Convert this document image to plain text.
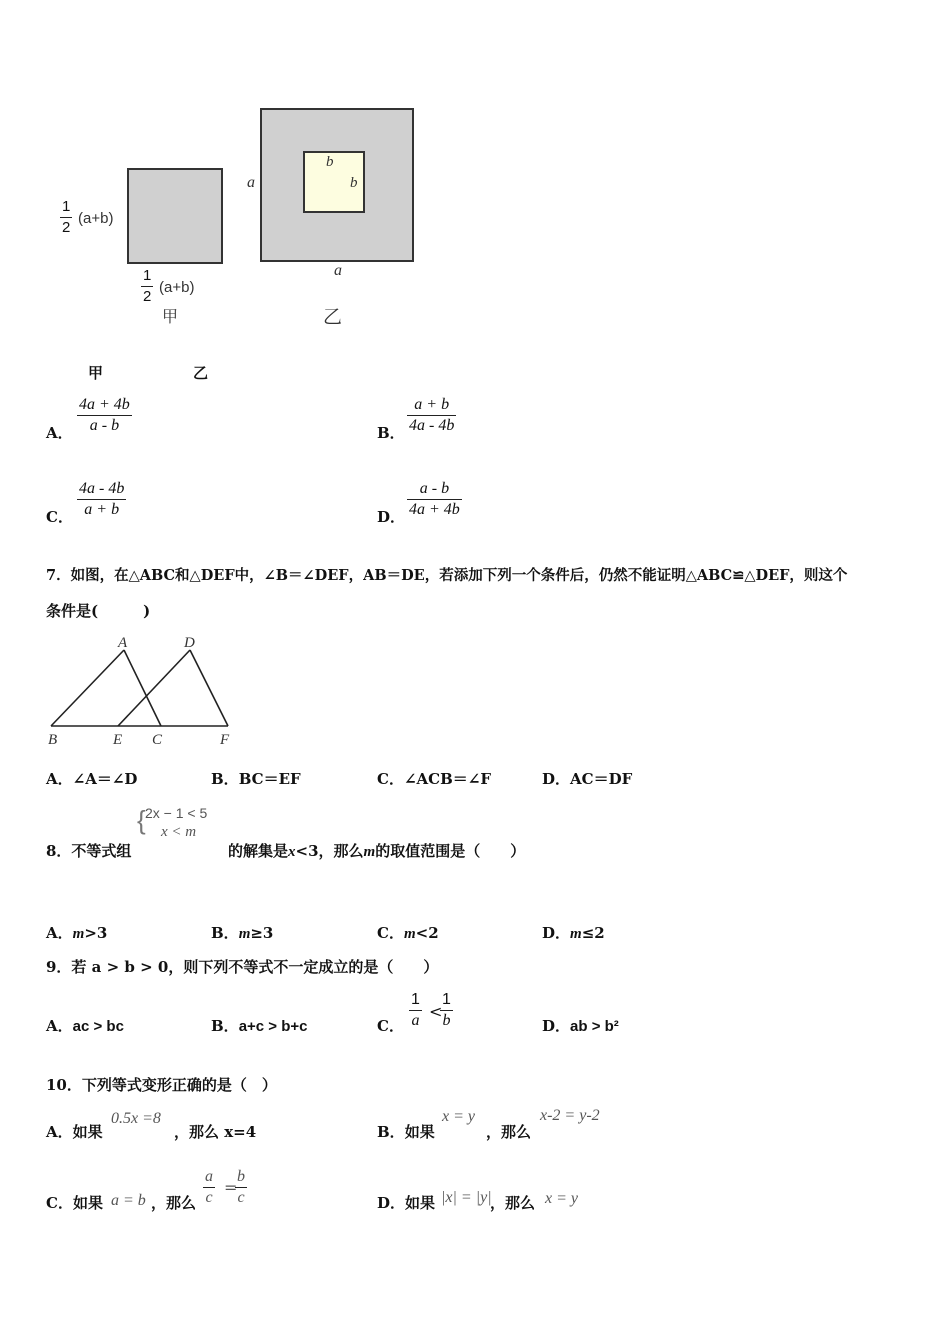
$\frac{1}{2} (a+b)$
$\frac{1}{2} (a+b)$
甲
a
a
b
b
乙
甲	乙
A． $\frac{4a + 4b}{a - b}$	B． $\frac{a + b}{4a - 4b}$
C． $\frac{4a - 4b}{a + b}$	D． $\frac{a - b}{4a + 4b}$
7．如图，在△ABC和△DEF中，∠B＝∠DEF，AB＝DE，若添加下列一个条件后，仍然不能证明△ABC≌△DEF，则这个
条件是(　　　)
A	D
B	E C	F
A．∠A＝∠D	B．BC＝EF	C．∠ACB＝∠F	D．AC＝DF
8．不等式组
{ 2x − 1 < 5
x < m
的解集是x<3，那么m的取值范围是（　　）
A．m>3	B．m≥3	C．m<2	D．m≤2
9．若 a > b > 0，则下列不等式不一定成立的是（　　）
A．ac > bc	B．a+c > b+c	C． $\frac{1}{a}$ <
$\frac{1}{b}$	D．ab > b²
10．下列等式变形正确的是（　）
A．如果
0.5x =8
，那么 x=4	B．如果
x = y
，那么
x-2 = y-2
C．如果 a = b ，那么 $\frac{a}{c}$ =
$\frac{b}{c}$	D．如果 |x| = |y|
，那么 x = y
